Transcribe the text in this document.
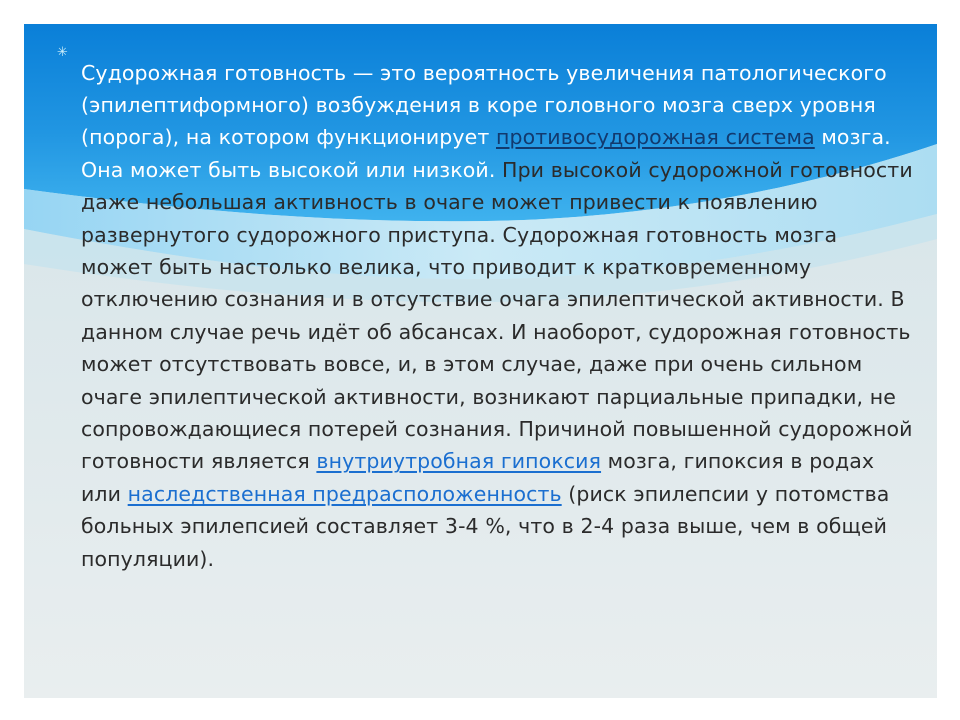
✳

Судорожная готовность — это вероятность увеличения патологического (эпилептиформного) возбуждения в коре головного мозга сверх уровня (порога), на котором функционирует противосудорожная система мозга. Она может быть высокой или низкой. При высокой судорожной готовности даже небольшая активность в очаге может привести к появлению развернутого судорожного приступа. Судорожная готовность мозга может быть настолько велика, что приводит к кратковременному отключению сознания и в отсутствие очага эпилептической активности. В данном случае речь идёт об абсансах. И наоборот, судорожная готовность может отсутствовать вовсе, и, в этом случае, даже при очень сильном очаге эпилептической активности, возникают парциальные припадки, не сопровождающиеся потерей сознания. Причиной повышенной судорожной готовности является внутриутробная гипоксия мозга, гипоксия в родах или наследственная предрасположенность (риск эпилепсии у потомства больных эпилепсией составляет 3-4 %, что в 2-4 раза выше, чем в общей популяции).
